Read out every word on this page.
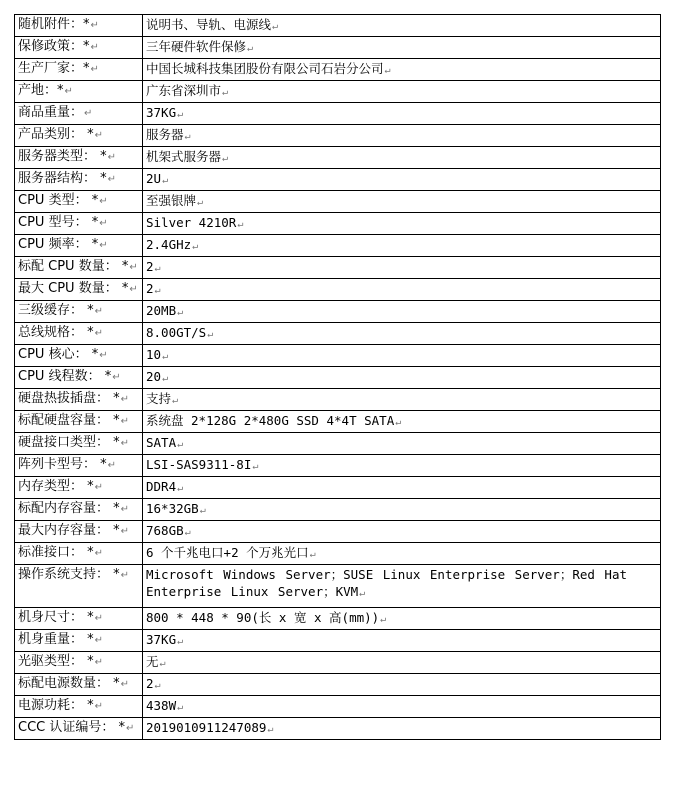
随机附件：*↵	说明书、导轨、电源线↵
保修政策：*↵	三年硬件软件保修↵
生产厂家：*↵	中国长城科技集团股份有限公司石岩分公司↵
产地：*↵	广东省深圳市↵
商品重量：↵	37KG↵
产品类别： *↵	服务器↵
服务器类型： *↵	机架式服务器↵
服务器结构： *↵	2U↵
CPU 类型： *↵	至强银牌↵
CPU 型号： *↵	Silver 4210R↵
CPU 频率： *↵	2.4GHz↵
标配 CPU 数量： *↵	2↵
最大 CPU 数量： *↵	2↵
三级缓存： *↵	20MB↵
总线规格： *↵	8.00GT/S↵
CPU 核心： *↵	10↵
CPU 线程数： *↵	20↵
硬盘热拔插盘： *↵	支持↵
标配硬盘容量： *↵	系统盘 2*128G 2*480G SSD 4*4T SATA↵
硬盘接口类型： *↵	SATA↵
阵列卡型号： *↵	LSI-SAS9311-8I↵
内存类型： *↵	DDR4↵
标配内存容量： *↵	16*32GB↵
最大内存容量： *↵	768GB↵
标准接口： *↵	6 个千兆电口+2 个万兆光口↵
操作系统支持： *↵	Microsoft Windows Server；SUSE Linux Enterprise Server；Red Hat Enterprise Linux Server；KVM↵
机身尺寸： *↵	800 * 448 * 90(长 x 宽 x 高(mm))↵
机身重量： *↵	37KG↵
光驱类型： *↵	无↵
标配电源数量： *↵	2↵
电源功耗： *↵	438W↵
CCC 认证编号： *↵	2019010911247089↵
